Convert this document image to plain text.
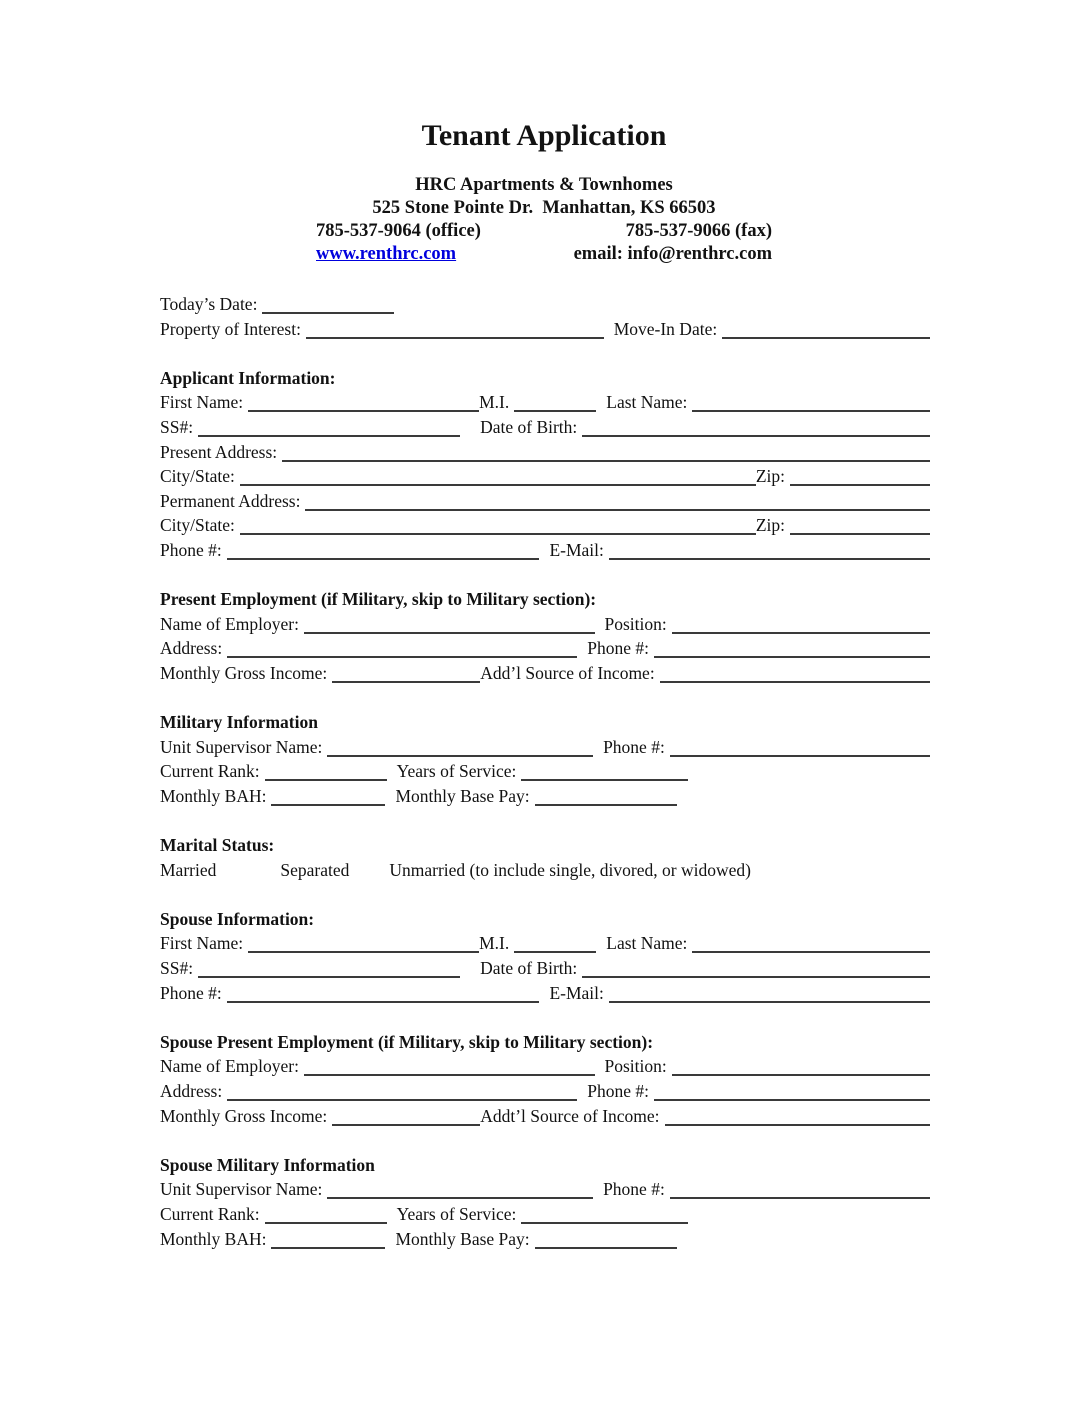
Tenant Application
HRC Apartments & Townhomes
525 Stone Pointe Dr.  Manhattan, KS 66503
785-537-9064 (office)	785-537-9066 (fax)
www.renthrc.com	email: info@renthrc.com
Today’s Date:
Property of Interest:	Move-In Date:
Applicant Information:
First Name:	M.I.	Last Name:
SS#:	Date of Birth:
Present Address:
City/State:	Zip:
Permanent Address:
City/State:	Zip:
Phone #:	E-Mail:
Present Employment (if Military, skip to Military section):
Name of Employer:	Position:
Address:	Phone #:
Monthly Gross Income:	Add’l Source of Income:
Military Information
Unit Supervisor Name:	Phone #:
Current Rank:	Years of Service:
Monthly BAH:	Monthly Base Pay:
Marital Status:
Married	Separated Unmarried (to include single, divored, or widowed)
Spouse Information:
First Name:	M.I.	Last Name:
SS#:	Date of Birth:
Phone #:	E-Mail:
Spouse Present Employment (if Military, skip to Military section):
Name of Employer:	Position:
Address:	Phone #:
Monthly Gross Income:	Addt’l Source of Income:
Spouse Military Information
Unit Supervisor Name:	Phone #:
Current Rank:	Years of Service:
Monthly BAH:	Monthly Base Pay:
